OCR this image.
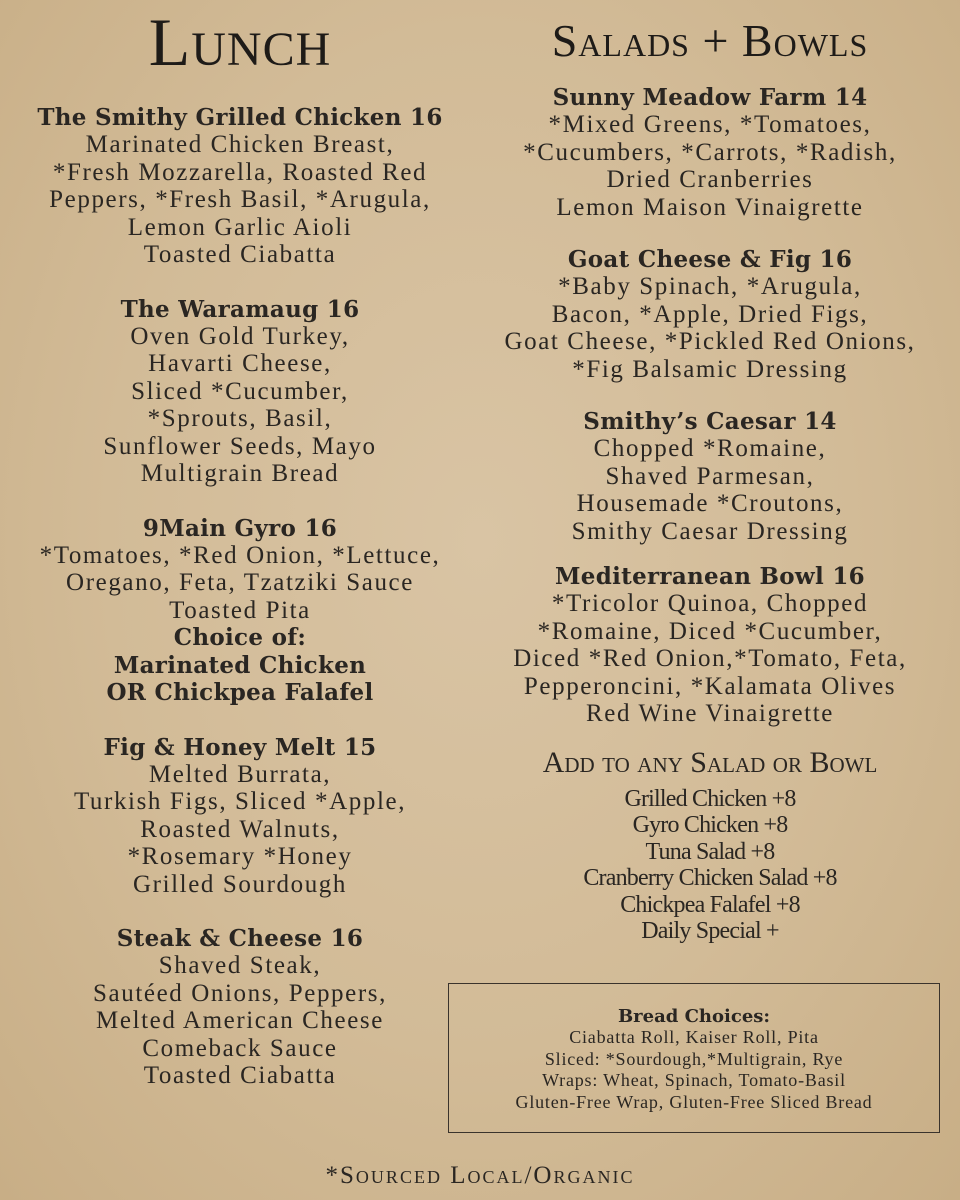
Lunch
The Smithy Grilled Chicken 16
Marinated Chicken Breast,
*Fresh Mozzarella, Roasted Red
Peppers, *Fresh Basil, *Arugula,
Lemon Garlic Aioli
Toasted Ciabatta
The Waramaug 16
Oven Gold Turkey,
Havarti Cheese,
Sliced *Cucumber,
*Sprouts, Basil,
Sunflower Seeds, Mayo
Multigrain Bread
9Main Gyro 16
*Tomatoes, *Red Onion, *Lettuce,
Oregano, Feta, Tzatziki Sauce
Toasted Pita
Choice of:
Marinated Chicken
OR Chickpea Falafel
Fig & Honey Melt 15
Melted Burrata,
Turkish Figs, Sliced *Apple,
Roasted Walnuts,
*Rosemary *Honey
Grilled Sourdough
Steak & Cheese 16
Shaved Steak,
Sautéed Onions, Peppers,
Melted American Cheese
Comeback Sauce
Toasted Ciabatta
Salads + Bowls
Sunny Meadow Farm 14
*Mixed Greens, *Tomatoes,
*Cucumbers, *Carrots, *Radish,
Dried Cranberries
Lemon Maison Vinaigrette
Goat Cheese & Fig 16
*Baby Spinach, *Arugula,
Bacon, *Apple, Dried Figs,
Goat Cheese, *Pickled Red Onions,
*Fig Balsamic Dressing
Smithy’s Caesar 14
Chopped *Romaine,
Shaved Parmesan,
Housemade *Croutons,
Smithy Caesar Dressing
Mediterranean Bowl 16
*Tricolor Quinoa, Chopped
*Romaine, Diced *Cucumber,
Diced *Red Onion,*Tomato, Feta,
Pepperoncini, *Kalamata Olives
Red Wine Vinaigrette
Add to any Salad or Bowl
Grilled Chicken +8
Gyro Chicken +8
Tuna Salad +8
Cranberry Chicken Salad +8
Chickpea Falafel +8
Daily Special +
Bread Choices:
Ciabatta Roll, Kaiser Roll, Pita
Sliced: *Sourdough,*Multigrain, Rye
Wraps: Wheat, Spinach, Tomato-Basil
Gluten-Free Wrap, Gluten-Free Sliced Bread
*Sourced Local/Organic
